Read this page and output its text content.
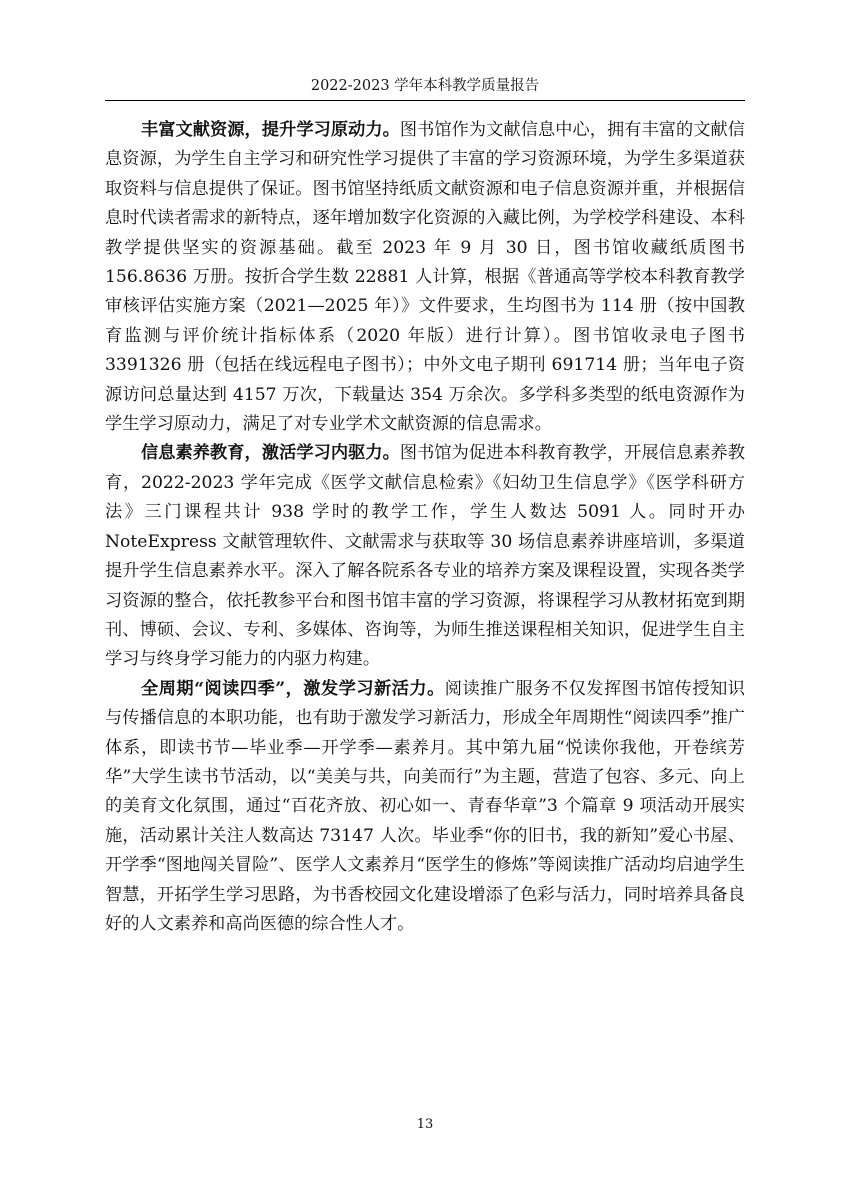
2022-2023 学年本科教学质量报告

丰富文献资源，提升学习原动力。图书馆作为文献信息中心，拥有丰富的文献信息资源，为学生自主学习和研究性学习提供了丰富的学习资源环境，为学生多渠道获取资料与信息提供了保证。图书馆坚持纸质文献资源和电子信息资源并重，并根据信息时代读者需求的新特点，逐年增加数字化资源的入藏比例，为学校学科建设、本科教学提供坚实的资源基础。截至 2023 年 9 月 30 日，图书馆收藏纸质图书 156.8636 万册。按折合学生数 22881 人计算，根据《普通高等学校本科教育教学审核评估实施方案（2021—2025 年）》文件要求，生均图书为 114 册（按中国教育监测与评价统计指标体系（2020 年版）进行计算）。图书馆收录电子图书 3391326 册（包括在线远程电子图书）；中外文电子期刊 691714 册；当年电子资源访问总量达到 4157 万次，下载量达 354 万余次。多学科多类型的纸电资源作为学生学习原动力，满足了对专业学术文献资源的信息需求。

信息素养教育，激活学习内驱力。图书馆为促进本科教育教学，开展信息素养教育，2022-2023 学年完成《医学文献信息检索》《妇幼卫生信息学》《医学科研方法》三门课程共计 938 学时的教学工作，学生人数达 5091 人。同时开办 NoteExpress 文献管理软件、文献需求与获取等 30 场信息素养讲座培训，多渠道提升学生信息素养水平。深入了解各院系各专业的培养方案及课程设置，实现各类学习资源的整合，依托教参平台和图书馆丰富的学习资源，将课程学习从教材拓宽到期刊、博硕、会议、专利、多媒体、咨询等，为师生推送课程相关知识，促进学生自主学习与终身学习能力的内驱力构建。

全周期“阅读四季”，激发学习新活力。阅读推广服务不仅发挥图书馆传授知识与传播信息的本职功能，也有助于激发学习新活力，形成全年周期性“阅读四季”推广体系，即读书节—毕业季—开学季—素养月。其中第九届“悦读你我他，开卷缤芳华”大学生读书节活动，以“美美与共，向美而行”为主题，营造了包容、多元、向上的美育文化氛围，通过“百花齐放、初心如一、青春华章”3 个篇章 9 项活动开展实施，活动累计关注人数高达 73147 人次。毕业季“你的旧书，我的新知”爱心书屋、开学季“图地闯关冒险”、医学人文素养月“医学生的修炼”等阅读推广活动均启迪学生智慧，开拓学生学习思路，为书香校园文化建设增添了色彩与活力，同时培养具备良好的人文素养和高尚医德的综合性人才。

13
